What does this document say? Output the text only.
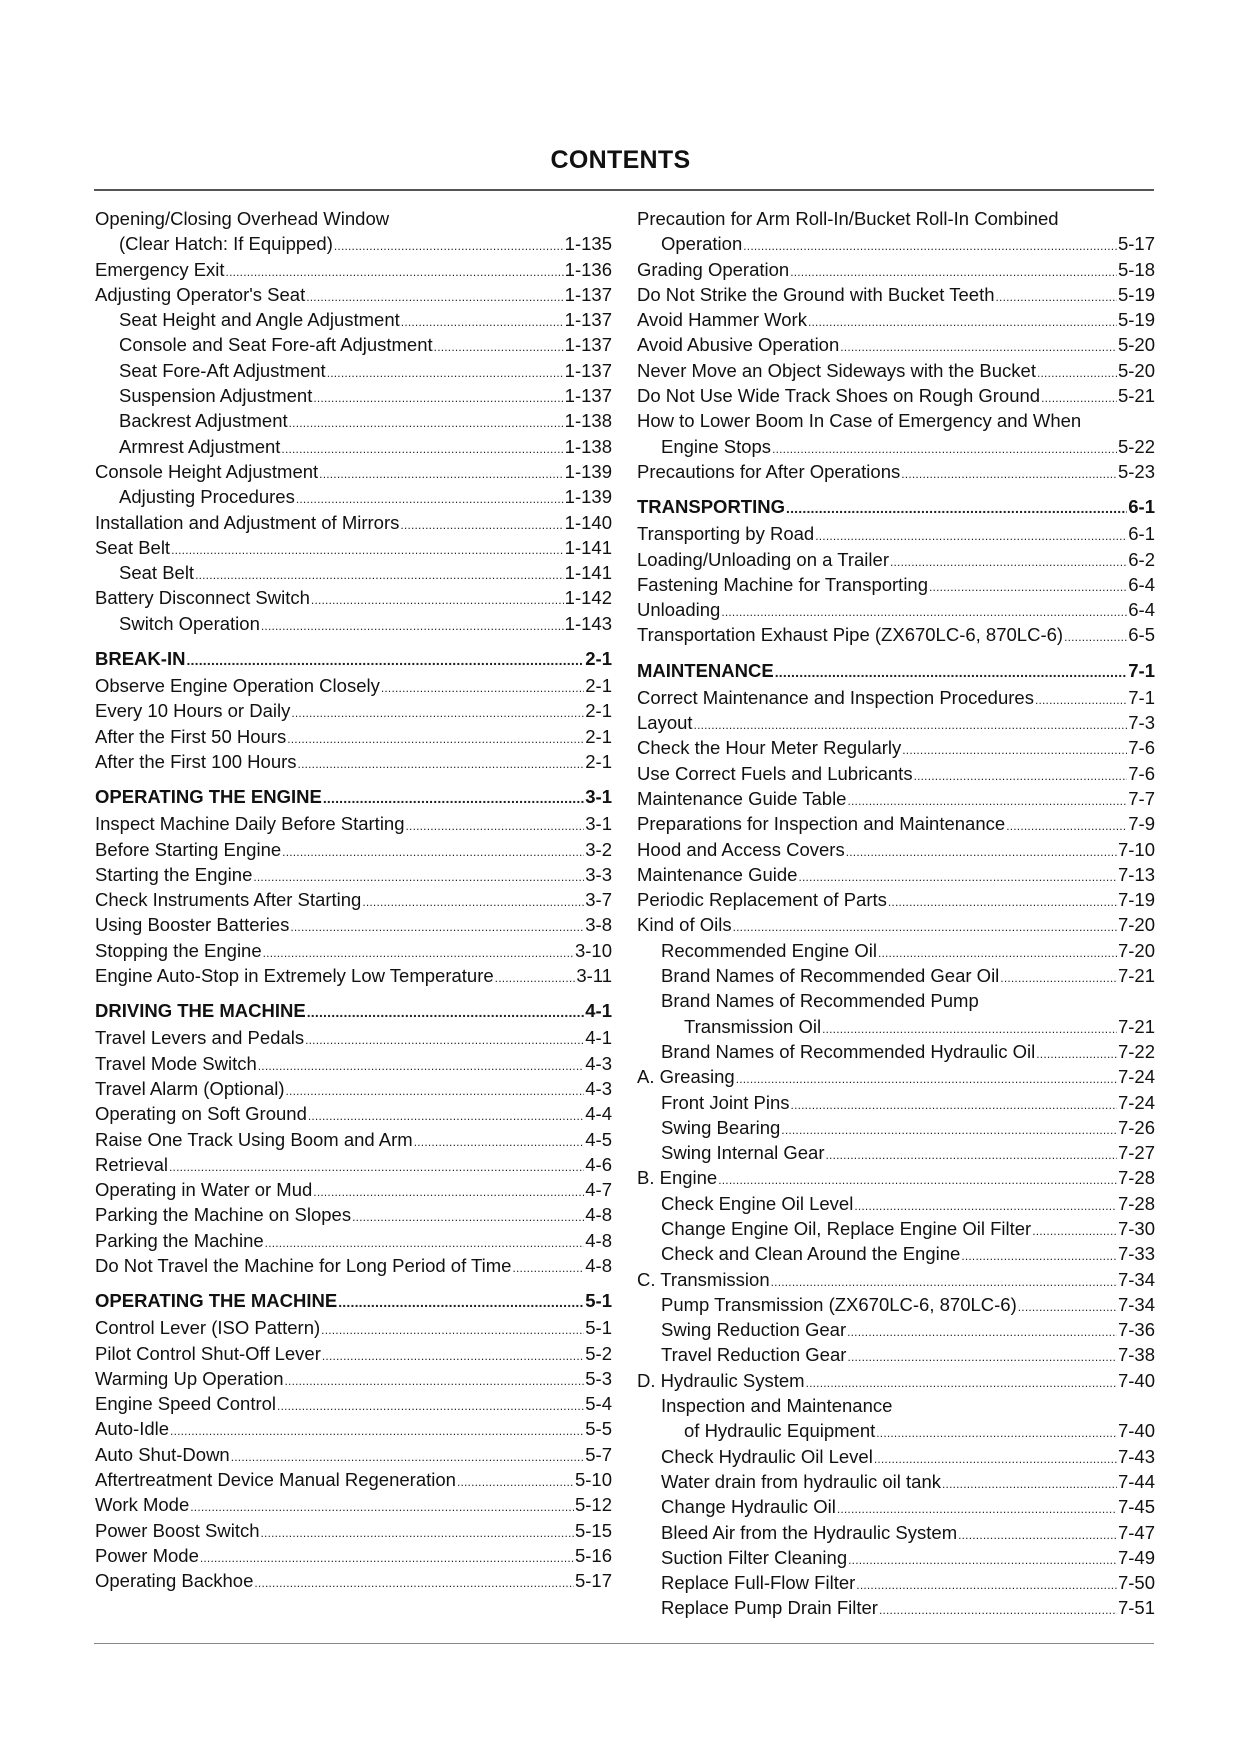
CONTENTS
Opening/Closing Overhead Window
(Clear Hatch: If Equipped) .....	1-135
Emergency Exit .....	1-136
Adjusting Operator's Seat .....	1-137
Seat Height and Angle Adjustment .....	1-137
Console and Seat Fore-aft Adjustment .....	1-137
Seat Fore-Aft Adjustment .....	1-137
Suspension Adjustment .....	1-137
Backrest Adjustment .....	1-138
Armrest Adjustment .....	1-138
Console Height Adjustment .....	1-139
Adjusting Procedures .....	1-139
Installation and Adjustment of Mirrors .....	1-140
Seat Belt .....	1-141
Seat Belt .....	1-141
Battery Disconnect Switch .....	1-142
Switch Operation .....	1-143
BREAK-IN .....	2-1
Observe Engine Operation Closely .....	2-1
Every 10 Hours or Daily .....	2-1
After the First 50 Hours .....	2-1
After the First 100 Hours .....	2-1
OPERATING THE ENGINE .....	3-1
Inspect Machine Daily Before Starting .....	3-1
Before Starting Engine .....	3-2
Starting the Engine .....	3-3
Check Instruments After Starting .....	3-7
Using Booster Batteries .....	3-8
Stopping the Engine .....	3-10
Engine Auto-Stop in Extremely Low Temperature .....	3-11
DRIVING THE MACHINE .....	4-1
Travel Levers and Pedals .....	4-1
Travel Mode Switch .....	4-3
Travel Alarm (Optional) .....	4-3
Operating on Soft Ground .....	4-4
Raise One Track Using Boom and Arm .....	4-5
Retrieval .....	4-6
Operating in Water or Mud .....	4-7
Parking the Machine on Slopes .....	4-8
Parking the Machine .....	4-8
Do Not Travel the Machine for Long Period of Time .....	4-8
OPERATING THE MACHINE .....	5-1
Control Lever (ISO Pattern) .....	5-1
Pilot Control Shut-Off Lever .....	5-2
Warming Up Operation .....	5-3
Engine Speed Control .....	5-4
Auto-Idle .....	5-5
Auto Shut-Down .....	5-7
Aftertreatment Device Manual Regeneration .....	5-10
Work Mode .....	5-12
Power Boost Switch .....	5-15
Power Mode .....	5-16
Operating Backhoe .....	5-17
Precaution for Arm Roll-In/Bucket Roll-In Combined
Operation .....	5-17
Grading Operation .....	5-18
Do Not Strike the Ground with Bucket Teeth .....	5-19
Avoid Hammer Work .....	5-19
Avoid Abusive Operation .....	5-20
Never Move an Object Sideways with the Bucket .....	5-20
Do Not Use Wide Track Shoes on Rough Ground .....	5-21
How to Lower Boom In Case of Emergency and When
Engine Stops .....	5-22
Precautions for After Operations .....	5-23
TRANSPORTING .....	6-1
Transporting by Road .....	6-1
Loading/Unloading on a Trailer .....	6-2
Fastening Machine for Transporting .....	6-4
Unloading .....	6-4
Transportation Exhaust Pipe (ZX670LC-6, 870LC-6) .....	6-5
MAINTENANCE .....	7-1
Correct Maintenance and Inspection Procedures .....	7-1
Layout .....	7-3
Check the Hour Meter Regularly .....	7-6
Use Correct Fuels and Lubricants .....	7-6
Maintenance Guide Table .....	7-7
Preparations for Inspection and Maintenance .....	7-9
Hood and Access Covers .....	7-10
Maintenance Guide .....	7-13
Periodic Replacement of Parts .....	7-19
Kind of Oils .....	7-20
Recommended Engine Oil .....	7-20
Brand Names of Recommended Gear Oil .....	7-21
Brand Names of Recommended Pump
Transmission Oil .....	7-21
Brand Names of Recommended Hydraulic Oil .....	7-22
A. Greasing .....	7-24
Front Joint Pins .....	7-24
Swing Bearing .....	7-26
Swing Internal Gear .....	7-27
B. Engine .....	7-28
Check Engine Oil Level .....	7-28
Change Engine Oil, Replace Engine Oil Filter .....	7-30
Check and Clean Around the Engine .....	7-33
C. Transmission .....	7-34
Pump Transmission (ZX670LC-6, 870LC-6) .....	7-34
Swing Reduction Gear .....	7-36
Travel Reduction Gear .....	7-38
D. Hydraulic System .....	7-40
Inspection and Maintenance
of Hydraulic Equipment .....	7-40
Check Hydraulic Oil Level .....	7-43
Water drain from hydraulic oil tank .....	7-44
Change Hydraulic Oil .....	7-45
Bleed Air from the Hydraulic System .....	7-47
Suction Filter Cleaning .....	7-49
Replace Full-Flow Filter .....	7-50
Replace Pump Drain Filter .....	7-51
